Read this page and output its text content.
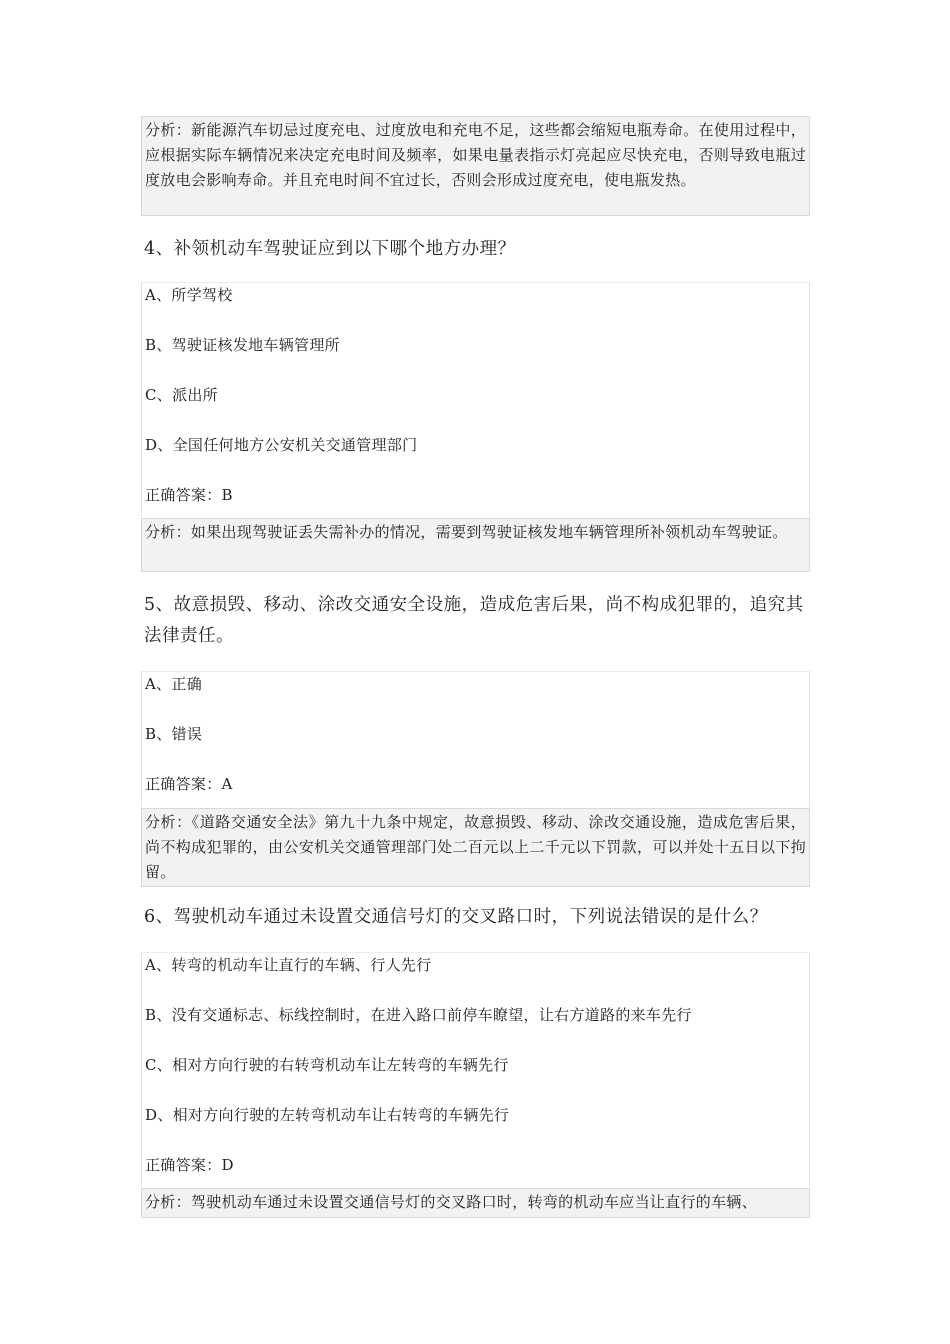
分析：新能源汽车切忌过度充电、过度放电和充电不足，这些都会缩短电瓶寿命。在使用过程中，应根据实际车辆情况来决定充电时间及频率，如果电量表指示灯亮起应尽快充电，否则导致电瓶过度放电会影响寿命。并且充电时间不宜过长，否则会形成过度充电，使电瓶发热。
4、补领机动车驾驶证应到以下哪个地方办理？
A、所学驾校
B、驾驶证核发地车辆管理所
C、派出所
D、全国任何地方公安机关交通管理部门
正确答案：B
分析：如果出现驾驶证丢失需补办的情况，需要到驾驶证核发地车辆管理所补领机动车驾驶证。
5、故意损毁、移动、涂改交通安全设施，造成危害后果，尚不构成犯罪的，追究其法律责任。
A、正确
B、错误
正确答案：A
分析：《道路交通安全法》第九十九条中规定，故意损毁、移动、涂改交通设施，造成危害后果，尚不构成犯罪的，由公安机关交通管理部门处二百元以上二千元以下罚款，可以并处十五日以下拘留。
6、驾驶机动车通过未设置交通信号灯的交叉路口时，下列说法错误的是什么？
A、转弯的机动车让直行的车辆、行人先行
B、没有交通标志、标线控制时，在进入路口前停车瞭望，让右方道路的来车先行
C、相对方向行驶的右转弯机动车让左转弯的车辆先行
D、相对方向行驶的左转弯机动车让右转弯的车辆先行
正确答案：D
分析：驾驶机动车通过未设置交通信号灯的交叉路口时，转弯的机动车应当让直行的车辆、
